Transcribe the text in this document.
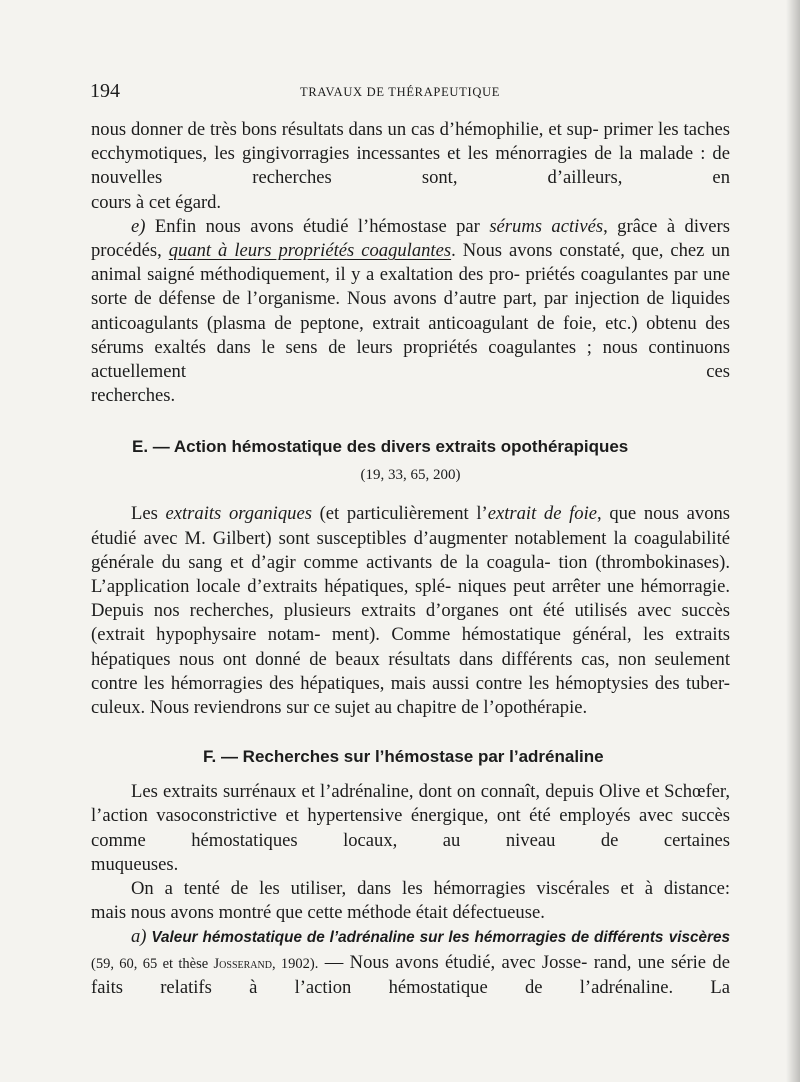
194	TRAVAUX DE THÉRAPEUTIQUE

nous donner de très bons résultats dans un cas d’hémophilie, et sup- primer les taches ecchymotiques, les gingivorragies incessantes et les ménorragies de la malade : de nouvelles recherches sont, d’ailleurs, en

cours à cet égard.

e) Enfin nous avons étudié l’hémostase par sérums activés, grâce à divers procédés, quant à leurs propriétés coagulantes. Nous avons constaté, que, chez un animal saigné méthodiquement, il y a exaltation des pro- priétés coagulantes par une sorte de défense de l’organisme. Nous avons d’autre part, par injection de liquides anticoagulants (plasma de peptone, extrait anticoagulant de foie, etc.) obtenu des sérums exaltés dans le sens de leurs propriétés coagulantes ; nous continuons actuellement ces

recherches.

E. — Action hémostatique des divers extraits opothérapiques
(19, 33, 65, 200)

Les extraits organiques (et particulièrement l’extrait de foie, que nous avons étudié avec M. Gilbert) sont susceptibles d’augmenter notablement la coagulabilité générale du sang et d’agir comme activants de la coagula- tion (thrombokinases). L’application locale d’extraits hépatiques, splé- niques peut arrêter une hémorragie. Depuis nos recherches, plusieurs extraits d’organes ont été utilisés avec succès (extrait hypophysaire notam- ment). Comme hémostatique général, les extraits hépatiques nous ont donné de beaux résultats dans différents cas, non seulement contre les hémorragies des hépatiques, mais aussi contre les hémoptysies des tuber-

culeux. Nous reviendrons sur ce sujet au chapitre de l’opothérapie.

F. — Recherches sur l’hémostase par l’adrénaline

Les extraits surrénaux et l’adrénaline, dont on connaît, depuis Olive et Schœfer, l’action vasoconstrictive et hypertensive énergique, ont été employés avec succès comme hémostatiques locaux, au niveau de certaines

muqueuses.

On a tenté de les utiliser, dans les hémorragies viscérales et à distance:

mais nous avons montré que cette méthode était défectueuse.

a) Valeur hémostatique de l’adrénaline sur les hémorragies de différents viscères (59, 60, 65 et thèse Josserand, 1902). — Nous avons étudié, avec Josse- rand, une série de faits relatifs à l’action hémostatique de l’adrénaline. La
